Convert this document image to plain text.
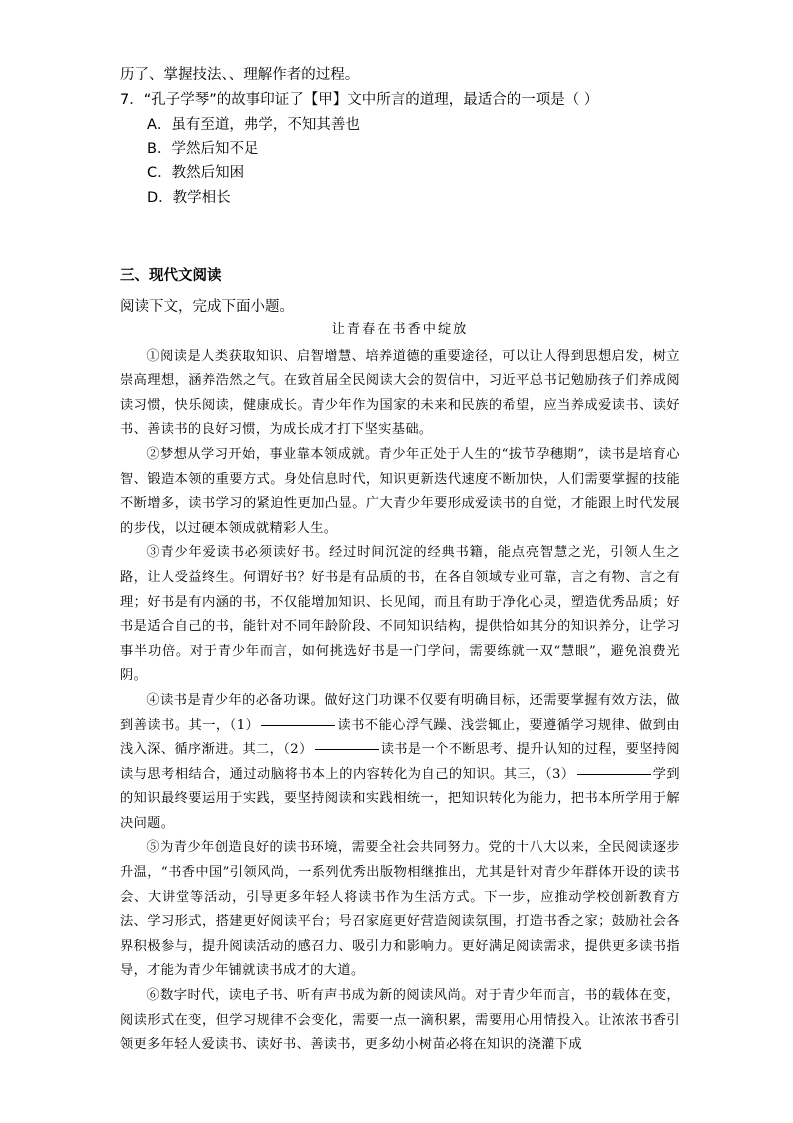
历了、掌握技法、、理解作者的过程。
7．“孔子学琴”的故事印证了【甲】文中所言的道理，最适合的一项是（ ）
A．虽有至道，弗学，不知其善也
B．学然后知不足
C．教然后知困
D．教学相长
三、现代文阅读
阅读下文，完成下面小题。
让青春在书香中绽放

①阅读是人类获取知识、启智增慧、培养道德的重要途径，可以让人得到思想启发，树立崇高理想，涵养浩然之气。在致首届全民阅读大会的贺信中，习近平总书记勉励孩子们养成阅读习惯，快乐阅读，健康成长。青少年作为国家的未来和民族的希望，应当养成爱读书、读好书、善读书的良好习惯，为成长成才打下坚实基础。

②梦想从学习开始，事业靠本领成就。青少年正处于人生的“拔节孕穗期”，读书是培育心智、锻造本领的重要方式。身处信息时代，知识更新迭代速度不断加快，人们需要掌握的技能不断增多，读书学习的紧迫性更加凸显。广大青少年要形成爱读书的自觉，才能跟上时代发展的步伐，以过硬本领成就精彩人生。

③青少年爱读书必须读好书。经过时间沉淀的经典书籍，能点亮智慧之光，引领人生之路，让人受益终生。何谓好书？好书是有品质的书，在各自领域专业可靠，言之有物、言之有理；好书是有内涵的书，不仅能增加知识、长见闻，而且有助于净化心灵，塑造优秀品质；好书是适合自己的书，能针对不同年龄阶段、不同知识结构，提供恰如其分的知识养分，让学习事半功倍。对于青少年而言，如何挑选好书是一门学问，需要练就一双“慧眼”，避免浪费光阴。

④读书是青少年的必备功课。做好这门功课不仅要有明确目标，还需要掌握有效方法，做到善读书。其一，（1）	读书不能心浮气躁、浅尝辄止，要遵循学习规律、做到由浅入深、循序渐进。其二，（2）	读书是一个不断思考、提升认知的过程，要坚持阅读与思考相结合，通过动脑将书本上的内容转化为自己的知识。其三，（3）	学到的知识最终要运用于实践，要坚持阅读和实践相统一，把知识转化为能力，把书本所学用于解决问题。

⑤为青少年创造良好的读书环境，需要全社会共同努力。党的十八大以来，全民阅读逐步升温，“书香中国”引领风尚，一系列优秀出版物相继推出，尤其是针对青少年群体开设的读书会、大讲堂等活动，引导更多年轻人将读书作为生活方式。下一步，应推动学校创新教育方法、学习形式，搭建更好阅读平台；号召家庭更好营造阅读氛围，打造书香之家；鼓励社会各界积极参与，提升阅读活动的感召力、吸引力和影响力。更好满足阅读需求，提供更多读书指导，才能为青少年铺就读书成才的大道。

⑥数字时代，读电子书、听有声书成为新的阅读风尚。对于青少年而言，书的载体在变，阅读形式在变，但学习规律不会变化，需要一点一滴积累，需要用心用情投入。让浓浓书香引领更多年轻人爱读书、读好书、善读书，更多幼小树苗必将在知识的浇灌下成
